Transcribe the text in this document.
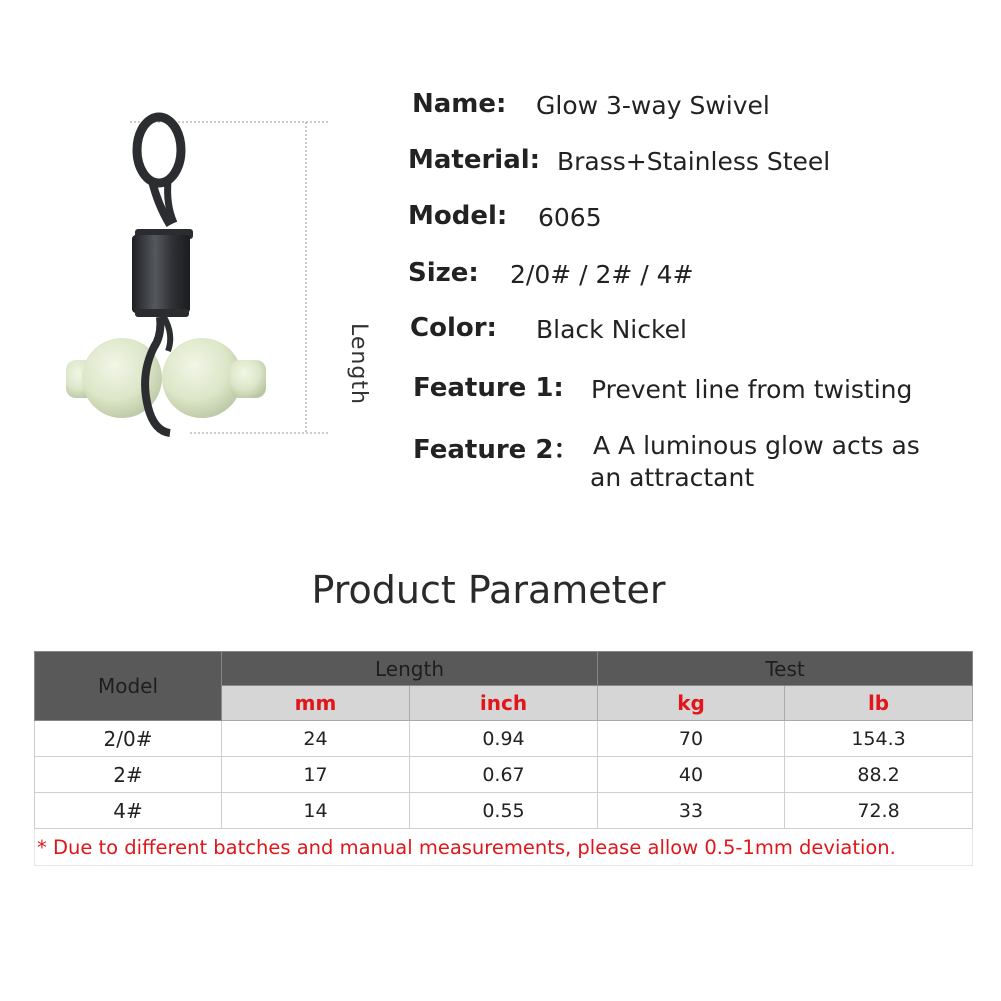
Length
Name: Glow 3-way Swivel
Material: Brass+Stainless Steel
Model: 6065
Size: 2/0# / 2# / 4#
Color: Black Nickel
Feature 1: Prevent line from twisting
Feature 2： A A luminous glow acts as
an attractant
Product Parameter
Model	Length		Test	
	mm	inch	kg	lb
2/0#	24	0.94	70	154.3
2#	17	0.67	40	88.2
4#	14	0.55	33	72.8
* Due to different batches and manual measurements, please allow 0.5-1mm deviation.				
